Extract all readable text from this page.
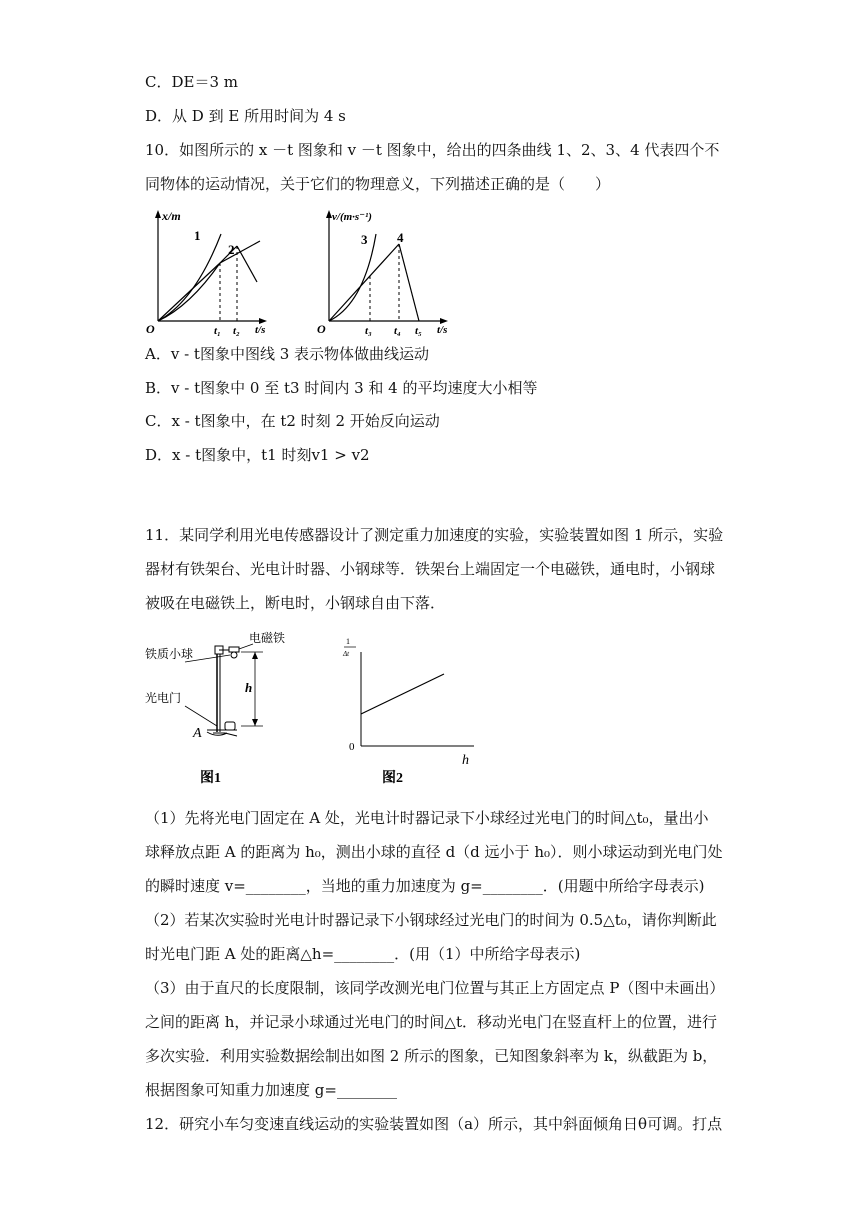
C．DE＝3 m
D．从 D 到 E 所用时间为 4 s
10．如图所示的 x －t 图象和 v －t 图象中，给出的四条曲线 1、2、3、4 代表四个不
同物体的运动情况，关于它们的物理意义，下列描述正确的是（　　）
x/m
t/s
O
1
2
t₁ t₂
v/(m·s⁻¹)
t/s
O
3 4
t₃ t₄ t₅
A．v - t图象中图线 3 表示物体做曲线运动
B．v - t图象中 0 至 t3 时间内 3 和 4 的平均速度大小相等
C．x - t图象中，在 t2 时刻 2 开始反向运动
D．x - t图象中，t1 时刻v1 > v2
11．某同学利用光电传感器设计了测定重力加速度的实验，实验装置如图 1 所示，实验
器材有铁架台、光电计时器、小钢球等．铁架台上端固定一个电磁铁，通电时，小钢球
被吸在电磁铁上，断电时，小钢球自由下落．
电磁铁
铁质小球
光电门
h
A
图1
1
Δt
0
h
图2
（1）先将光电门固定在 A 处，光电计时器记录下小球经过光电门的时间△t₀，量出小
球释放点距 A 的距离为 h₀，测出小球的直径 d（d 远小于 h₀）．则小球运动到光电门处
的瞬时速度 v=________，当地的重力加速度为 g=________．(用题中所给字母表示)
（2）若某次实验时光电计时器记录下小钢球经过光电门的时间为 0.5△t₀，请你判断此
时光电门距 A 处的距离△h=________．(用（1）中所给字母表示)
（3）由于直尺的长度限制，该同学改测光电门位置与其正上方固定点 P（图中未画出）
之间的距离 h，并记录小球通过光电门的时间△t．移动光电门在竖直杆上的位置，进行
多次实验．利用实验数据绘制出如图 2 所示的图象，已知图象斜率为 k，纵截距为 b，
根据图象可知重力加速度 g=________
12．研究小车匀变速直线运动的实验装置如图（a）所示，其中斜面倾角日θ可调。打点
